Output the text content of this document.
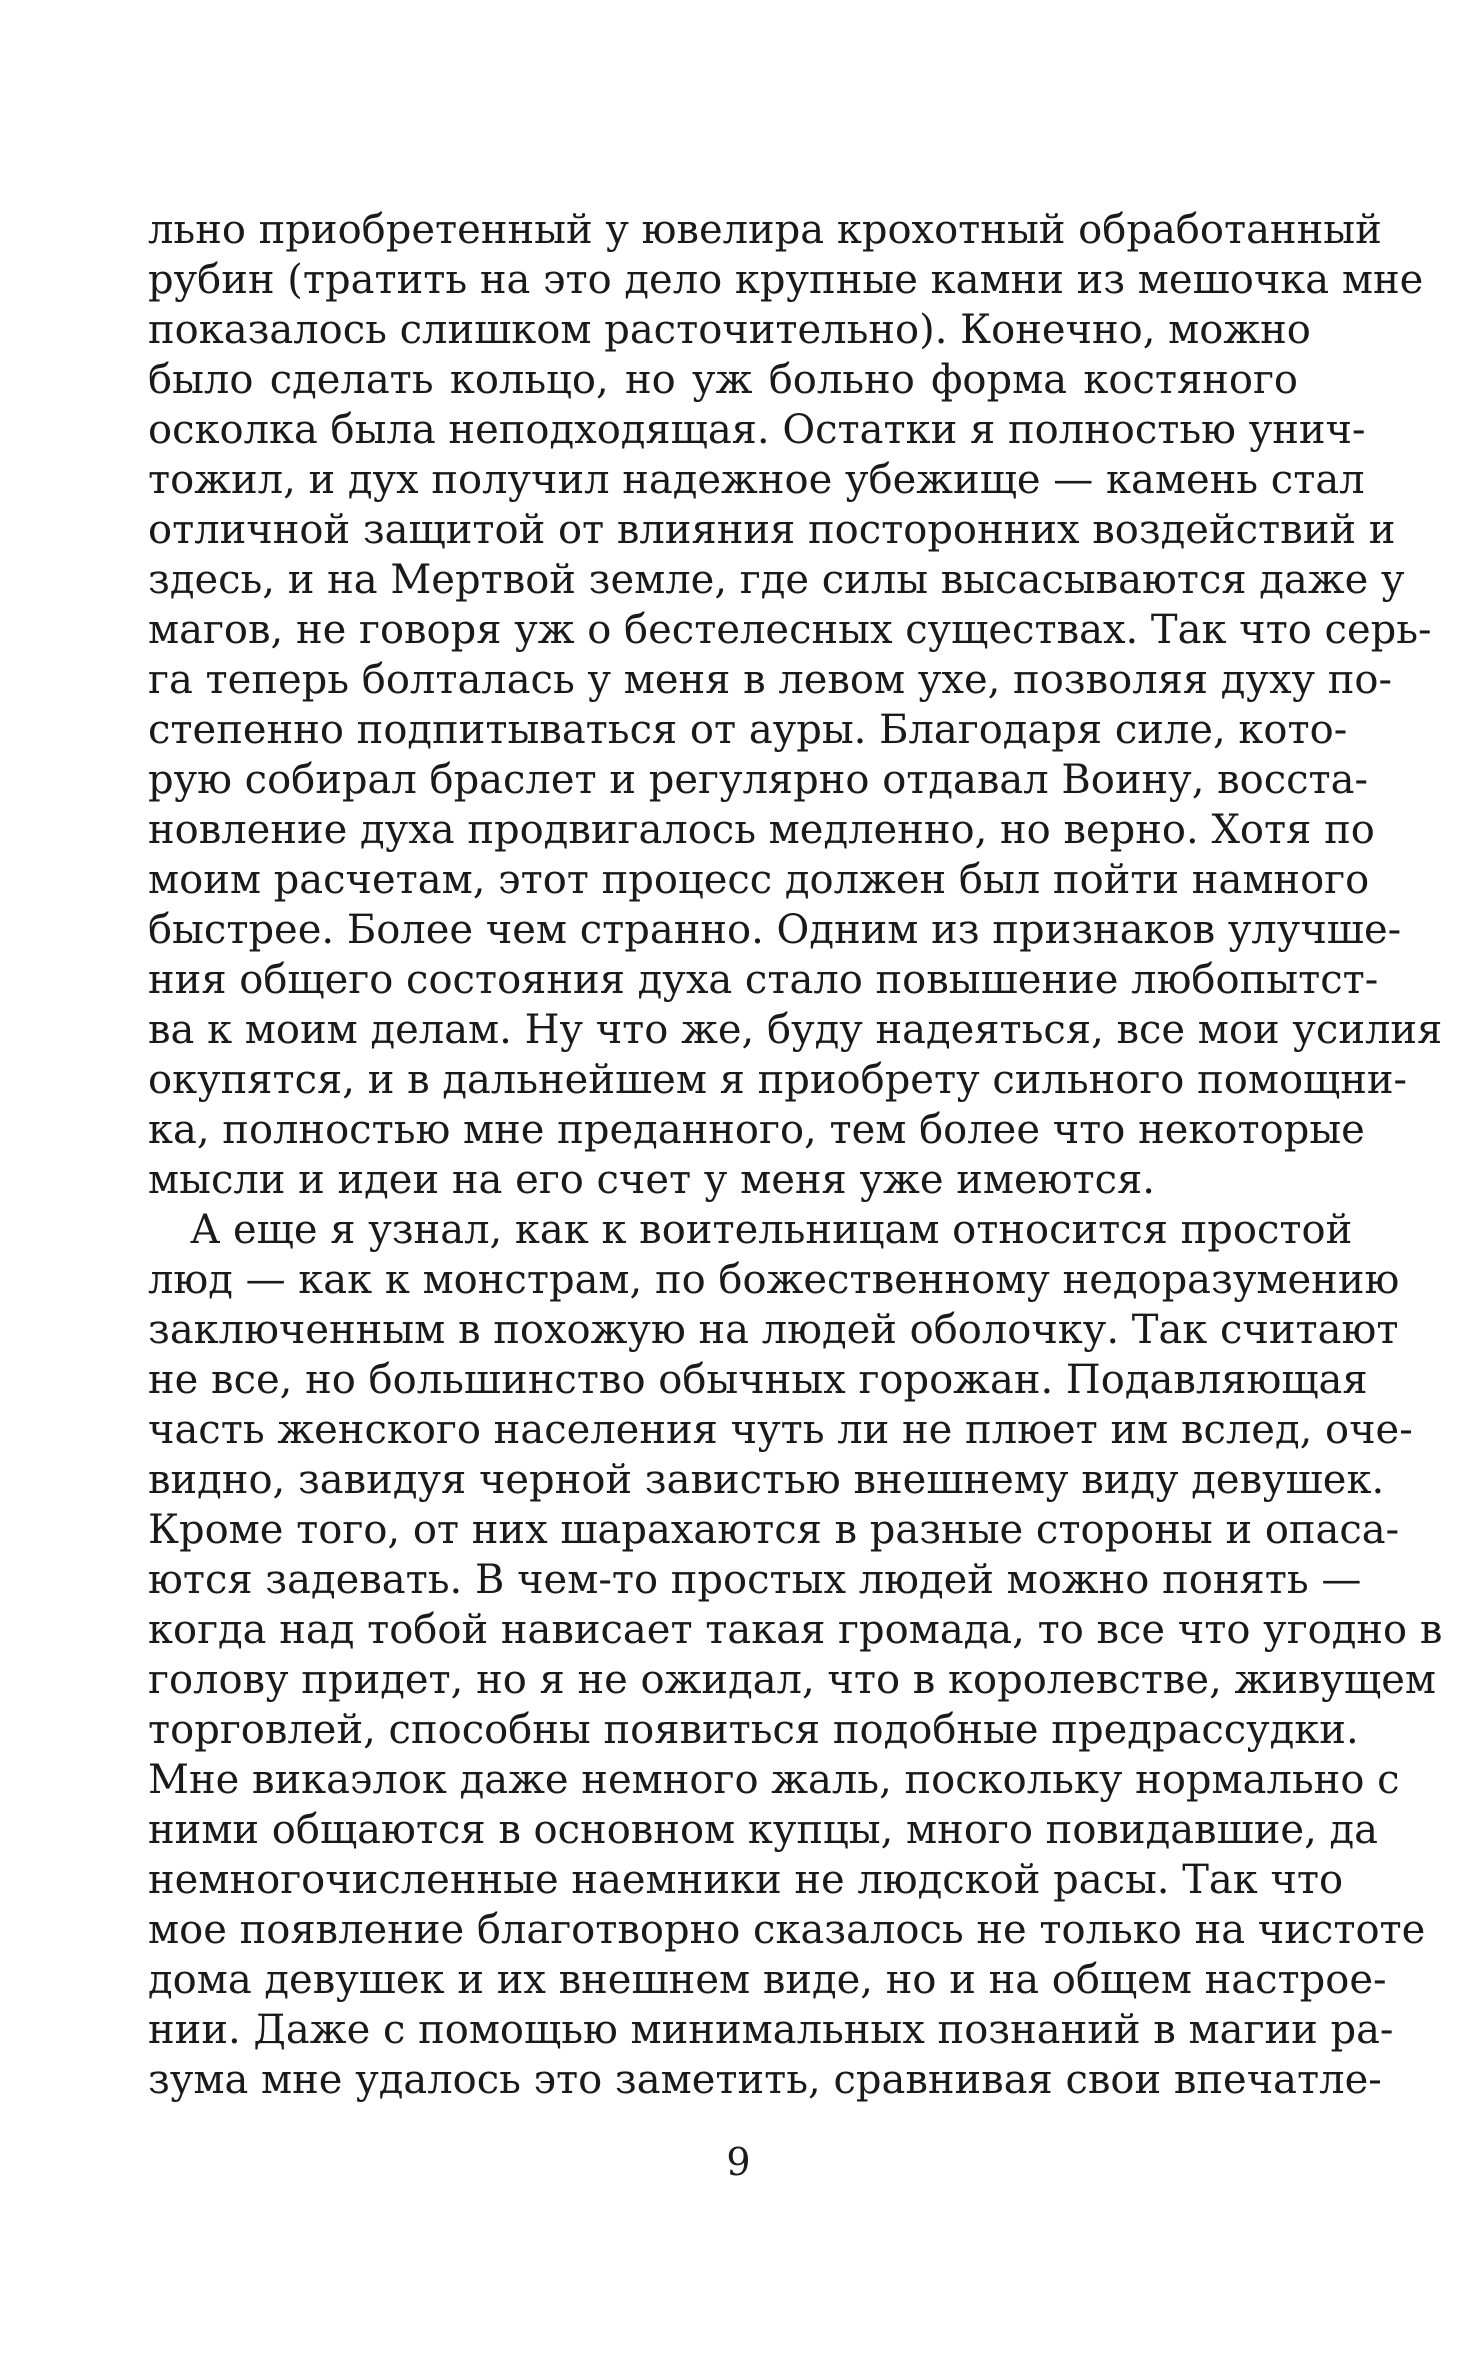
льно приобретенный у ювелира крохотный обработанный
рубин (тратить на это дело крупные камни из мешочка мне
показалось слишком расточительно). Конечно, можно
было сделать кольцо, но уж больно форма костяного
осколка была неподходящая. Остатки я полностью унич-
тожил, и дух получил надежное убежище — камень стал
отличной защитой от влияния посторонних воздействий и
здесь, и на Мертвой земле, где силы высасываются даже у
магов, не говоря уж о бестелесных существах. Так что серь-
га теперь болталась у меня в левом ухе, позволяя духу по-
степенно подпитываться от ауры. Благодаря силе, кото-
рую собирал браслет и регулярно отдавал Воину, восста-
новление духа продвигалось медленно, но верно. Хотя по
моим расчетам, этот процесс должен был пойти намного
быстрее. Более чем странно. Одним из признаков улучше-
ния общего состояния духа стало повышение любопытст-
ва к моим делам. Ну что же, буду надеяться, все мои усилия
окупятся, и в дальнейшем я приобрету сильного помощни-
ка, полностью мне преданного, тем более что некоторые
мысли и идеи на его счет у меня уже имеются.

А еще я узнал, как к воительницам относится простой
люд — как к монстрам, по божественному недоразумению
заключенным в похожую на людей оболочку. Так считают
не все, но большинство обычных горожан. Подавляющая
часть женского населения чуть ли не плюет им вслед, оче-
видно, завидуя черной завистью внешнему виду девушек.
Кроме того, от них шарахаются в разные стороны и опаса-
ются задевать. В чем-то простых людей можно понять —
когда над тобой нависает такая громада, то все что угодно в
голову придет, но я не ожидал, что в королевстве, живущем
торговлей, способны появиться подобные предрассудки.
Мне викаэлок даже немного жаль, поскольку нормально с
ними общаются в основном купцы, много повидавшие, да
немногочисленные наемники не людской расы. Так что
мое появление благотворно сказалось не только на чистоте
дома девушек и их внешнем виде, но и на общем настрое-
нии. Даже с помощью минимальных познаний в магии ра-
зума мне удалось это заметить, сравнивая свои впечатле-

9
